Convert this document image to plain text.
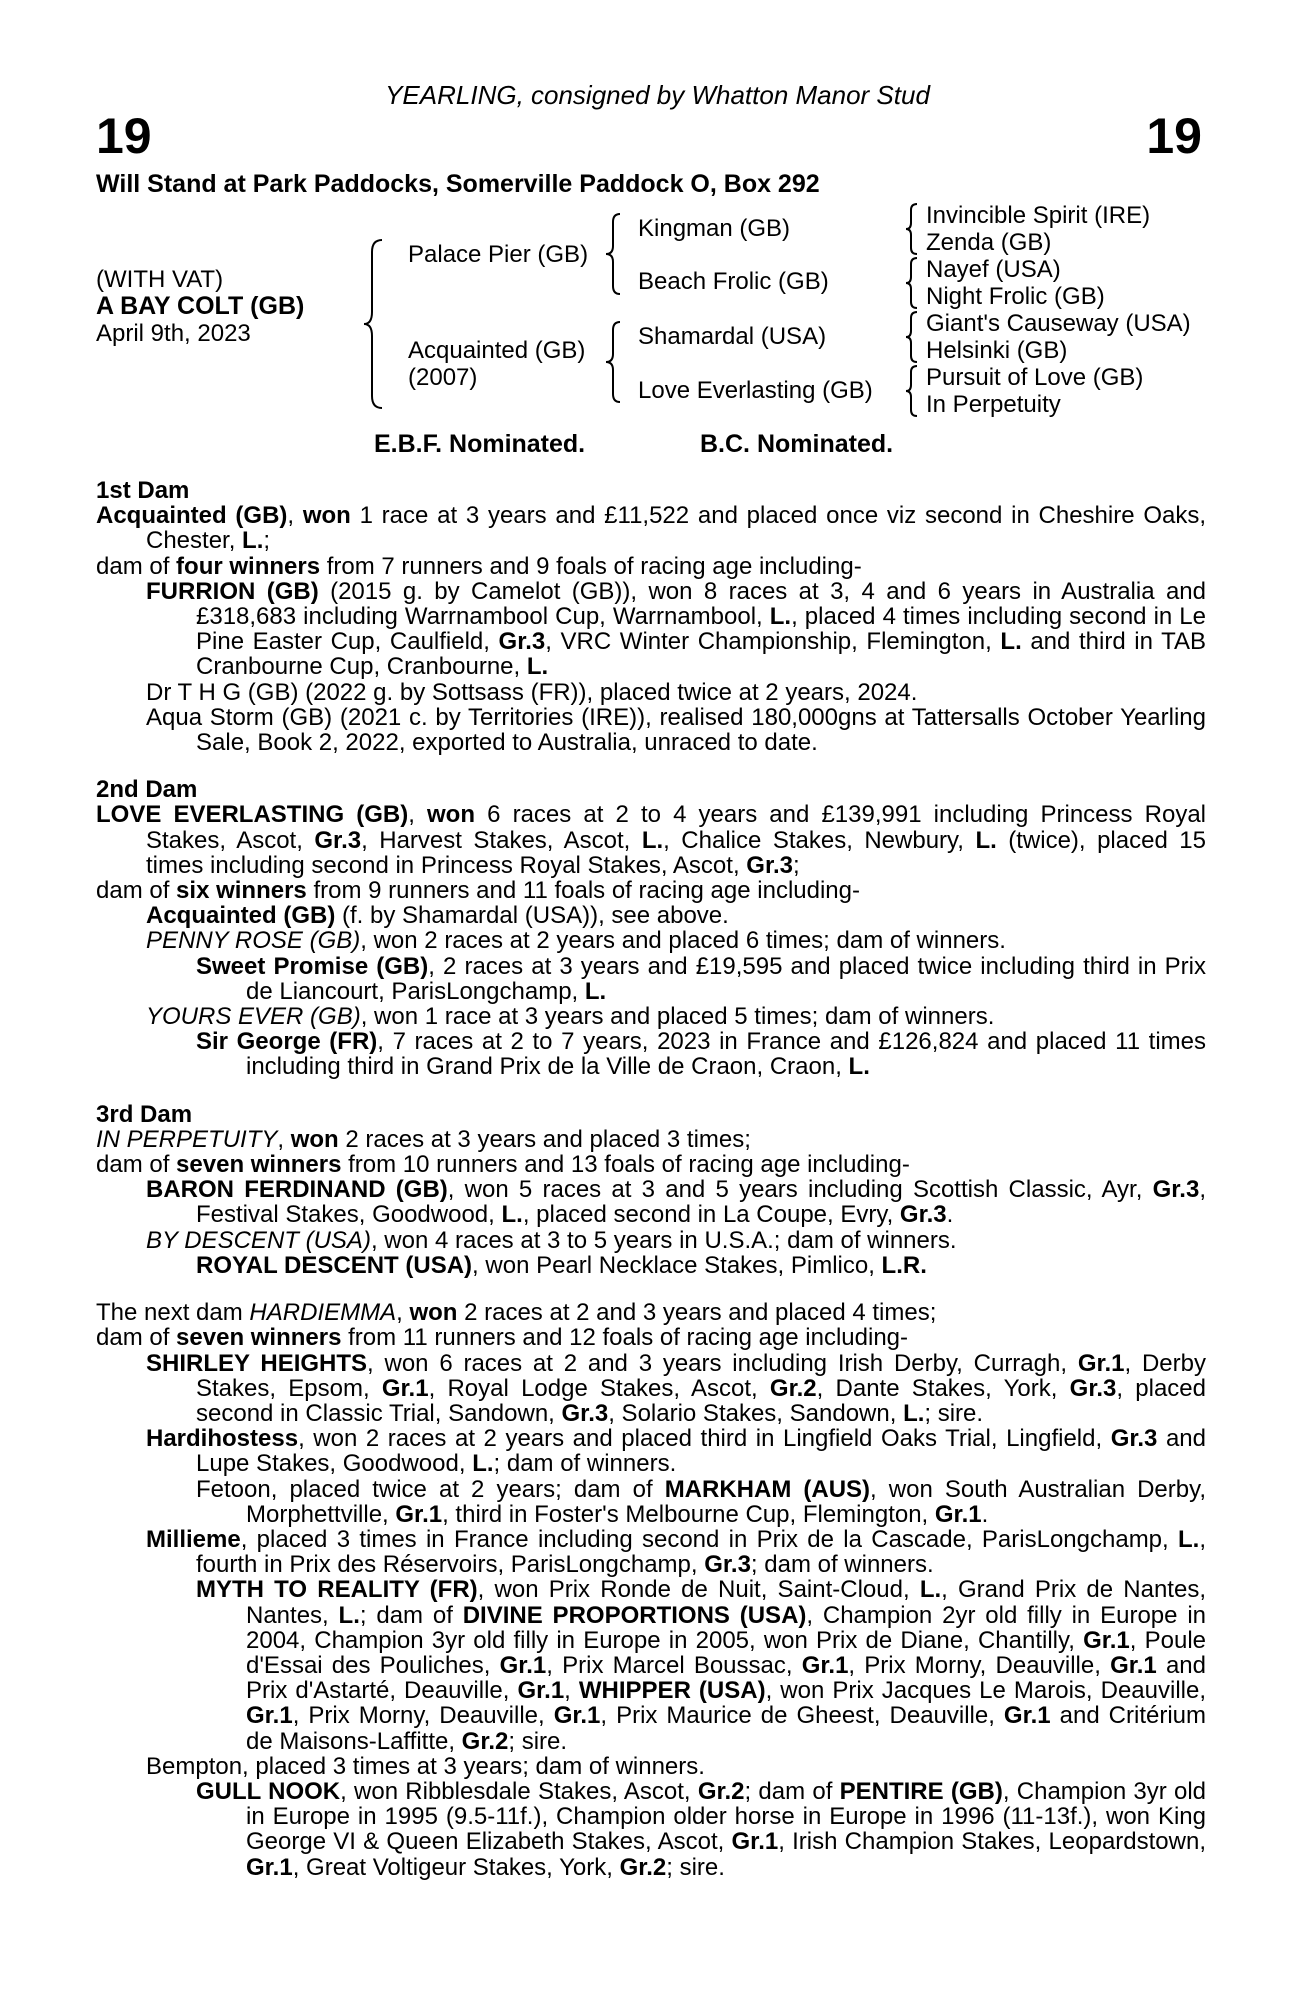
YEARLING, consigned by Whatton Manor Stud
19	19
Will Stand at Park Paddocks, Somerville Paddock O, Box 292
(WITH VAT)
A BAY COLT (GB)
April 9th, 2023
Palace Pier (GB)
Acquainted (GB)
(2007)
Kingman (GB)
Beach Frolic (GB)
Shamardal (USA)
Love Everlasting (GB)
Invincible Spirit (IRE)
Zenda (GB)
Nayef (USA)
Night Frolic (GB)
Giant's Causeway (USA)
Helsinki (GB)
Pursuit of Love (GB)
In Perpetuity
E.B.F. Nominated.	B.C. Nominated.

1st Dam

Acquainted (GB), won 1 race at 3 years and £11,522 and placed once viz second in Cheshire Oaks, Chester, L.;

dam of four winners from 7 runners and 9 foals of racing age including-

FURRION (GB) (2015 g. by Camelot (GB)), won 8 races at 3, 4 and 6 years in Australia and £318,683 including Warrnambool Cup, Warrnambool, L., placed 4 times including second in Le Pine Easter Cup, Caulfield, Gr.3, VRC Winter Championship, Flemington, L. and third in TAB Cranbourne Cup, Cranbourne, L.

Dr T H G (GB) (2022 g. by Sottsass (FR)), placed twice at 2 years, 2024.

Aqua Storm (GB) (2021 c. by Territories (IRE)), realised 180,000gns at Tattersalls October Yearling Sale, Book 2, 2022, exported to Australia, unraced to date.

2nd Dam

LOVE EVERLASTING (GB), won 6 races at 2 to 4 years and £139,991 including Princess Royal Stakes, Ascot, Gr.3, Harvest Stakes, Ascot, L., Chalice Stakes, Newbury, L. (twice), placed 15 times including second in Princess Royal Stakes, Ascot, Gr.3;

dam of six winners from 9 runners and 11 foals of racing age including-

Acquainted (GB) (f. by Shamardal (USA)), see above.

PENNY ROSE (GB), won 2 races at 2 years and placed 6 times; dam of winners.

Sweet Promise (GB), 2 races at 3 years and £19,595 and placed twice including third in Prix de Liancourt, ParisLongchamp, L.

YOURS EVER (GB), won 1 race at 3 years and placed 5 times; dam of winners.

Sir George (FR), 7 races at 2 to 7 years, 2023 in France and £126,824 and placed 11 times including third in Grand Prix de la Ville de Craon, Craon, L.

3rd Dam

IN PERPETUITY, won 2 races at 3 years and placed 3 times;

dam of seven winners from 10 runners and 13 foals of racing age including-

BARON FERDINAND (GB), won 5 races at 3 and 5 years including Scottish Classic, Ayr, Gr.3, Festival Stakes, Goodwood, L., placed second in La Coupe, Evry, Gr.3.

BY DESCENT (USA), won 4 races at 3 to 5 years in U.S.A.; dam of winners.

ROYAL DESCENT (USA), won Pearl Necklace Stakes, Pimlico, L.R.

The next dam HARDIEMMA, won 2 races at 2 and 3 years and placed 4 times;

dam of seven winners from 11 runners and 12 foals of racing age including-

SHIRLEY HEIGHTS, won 6 races at 2 and 3 years including Irish Derby, Curragh, Gr.1, Derby Stakes, Epsom, Gr.1, Royal Lodge Stakes, Ascot, Gr.2, Dante Stakes, York, Gr.3, placed second in Classic Trial, Sandown, Gr.3, Solario Stakes, Sandown, L.; sire.

Hardihostess, won 2 races at 2 years and placed third in Lingfield Oaks Trial, Lingfield, Gr.3 and Lupe Stakes, Goodwood, L.; dam of winners.

Fetoon, placed twice at 2 years; dam of MARKHAM (AUS), won South Australian Derby, Morphettville, Gr.1, third in Foster's Melbourne Cup, Flemington, Gr.1.

Millieme, placed 3 times in France including second in Prix de la Cascade, ParisLongchamp, L., fourth in Prix des Réservoirs, ParisLongchamp, Gr.3; dam of winners.

MYTH TO REALITY (FR), won Prix Ronde de Nuit, Saint-Cloud, L., Grand Prix de Nantes, Nantes, L.; dam of DIVINE PROPORTIONS (USA), Champion 2yr old filly in Europe in 2004, Champion 3yr old filly in Europe in 2005, won Prix de Diane, Chantilly, Gr.1, Poule d'Essai des Pouliches, Gr.1, Prix Marcel Boussac, Gr.1, Prix Morny, Deauville, Gr.1 and Prix d'Astarté, Deauville, Gr.1, WHIPPER (USA), won Prix Jacques Le Marois, Deauville, Gr.1, Prix Morny, Deauville, Gr.1, Prix Maurice de Gheest, Deauville, Gr.1 and Critérium de Maisons-Laffitte, Gr.2; sire.

Bempton, placed 3 times at 3 years; dam of winners.

GULL NOOK, won Ribblesdale Stakes, Ascot, Gr.2; dam of PENTIRE (GB), Champion 3yr old in Europe in 1995 (9.5-11f.), Champion older horse in Europe in 1996 (11-13f.), won King George VI & Queen Elizabeth Stakes, Ascot, Gr.1, Irish Champion Stakes, Leopardstown, Gr.1, Great Voltigeur Stakes, York, Gr.2; sire.
